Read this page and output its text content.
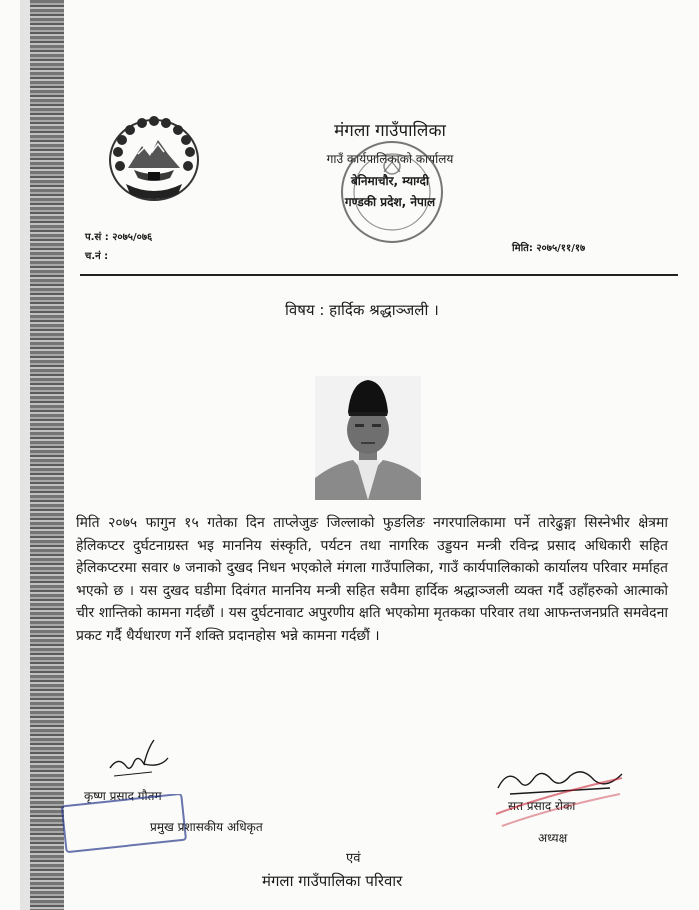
मंगला गाउँपालिका
गाउँ कार्यपालिकाको कार्यालय
बेनिमाचौर, म्याग्दी
गण्डकी प्रदेश, नेपाल
प.सं : २०७५/०७६
च.नं :
मिति: २०७५/११/१७
विषय : हार्दिक श्रद्धाञ्जली ।
मिति २०७५ फागुन १५ गतेका दिन ताप्लेजुङ जिल्लाको फुङलिङ नगरपालिकामा पर्ने तारेढुङ्गा सिस्नेभीर क्षेत्रमा हेलिकप्टर दुर्घटनाग्रस्त भइ माननिय संस्कृति, पर्यटन तथा नागरिक उड्डयन मन्त्री रविन्द्र प्रसाद अधिकारी सहित हेलिकप्टरमा सवार ७ जनाको दुखद निधन भएकोले मंगला गाउँपालिका, गाउँ कार्यपालिकाको कार्यालय परिवार मर्माहत भएको छ । यस दुखद घडीमा दिवंगत माननिय मन्त्री सहित सवैमा हार्दिक श्रद्धाञ्जली व्यक्त गर्दै उहाँहरुको आत्माको चीर शान्तिको कामना गर्दछौं । यस दुर्घटनावाट अपुरणीय क्षति भएकोमा मृतकका परिवार तथा आफन्तजनप्रति समवेदना प्रकट गर्दै धैर्यधारण गर्ने शक्ति प्रदानहोस भन्ने कामना गर्दछौं ।
कृष्ण प्रसाद गौतम
प्रमुख प्रशासकीय अधिकृत
सत प्रसाद रोका
अध्यक्ष
एवं
मंगला गाउँपालिका परिवार
